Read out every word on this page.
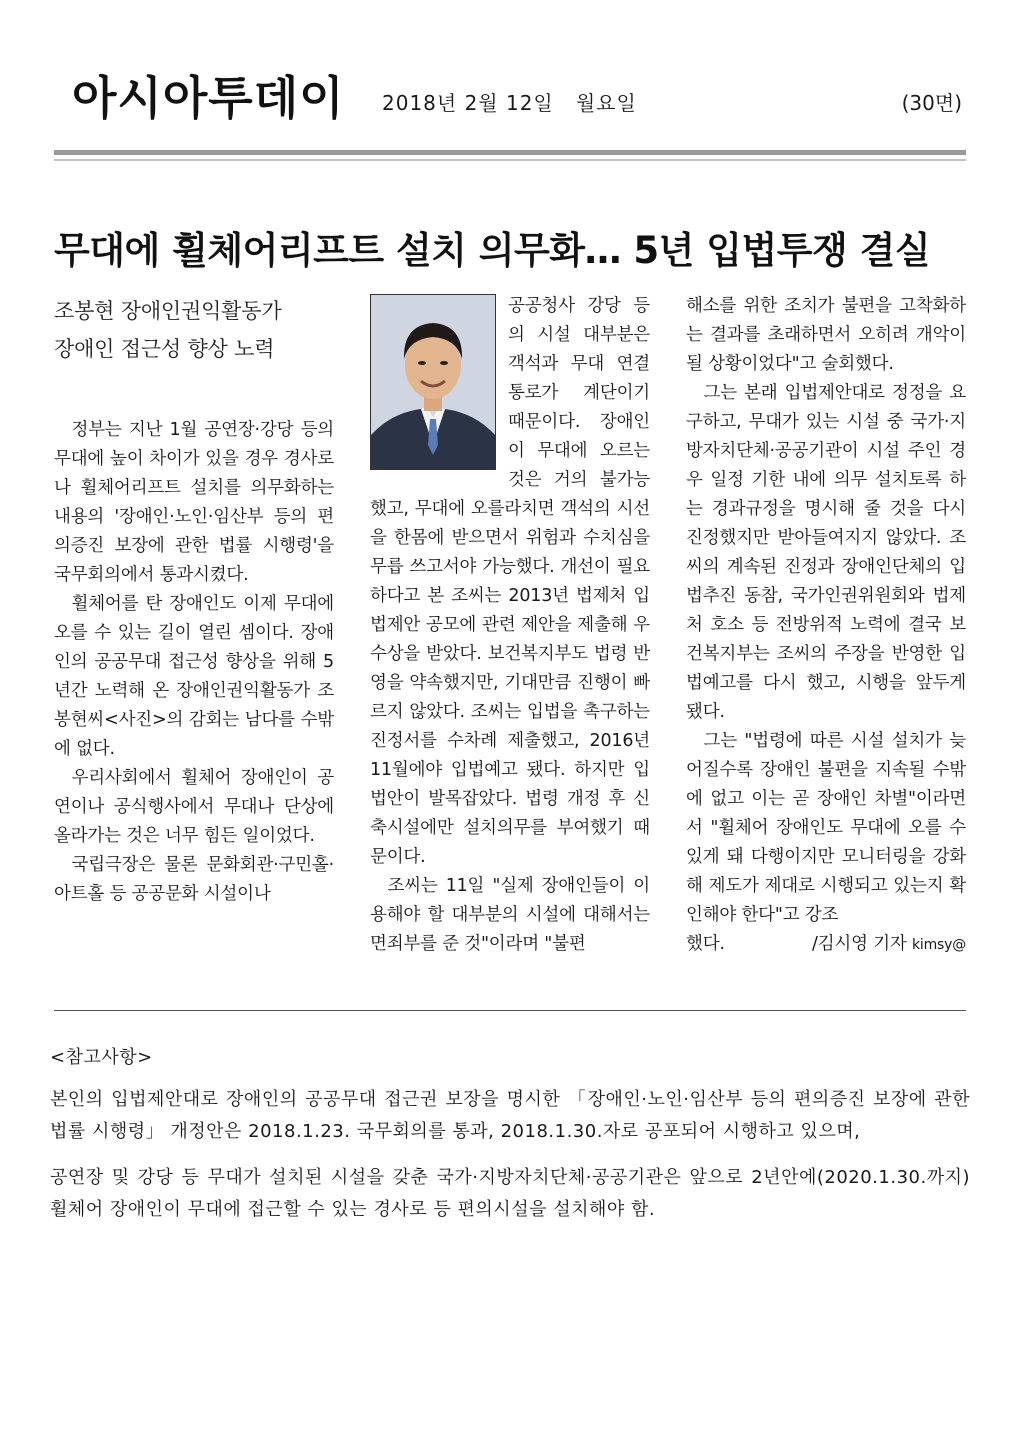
아시아투데이 2018년 2월 12일   월요일	(30면)
무대에 휠체어리프트 설치 의무화… 5년 입법투쟁 결실
조봉현 장애인권익활동가
장애인 접근성 향상 노력

정부는 지난 1월 공연장·강당 등의 무대에 높이 차이가 있을 경우 경사로나 휠체어리프트 설치를 의무화하는 내용의 '장애인·노인·임산부 등의 편의증진 보장에 관한 법률 시행령'을 국무회의에서 통과시켰다.

휠체어를 탄 장애인도 이제 무대에 오를 수 있는 길이 열린 셈이다. 장애인의 공공무대 접근성 향상을 위해 5년간 노력해 온 장애인권익활동가 조봉현씨<사진>의 감회는 남다를 수밖에 없다.

우리사회에서 휠체어 장애인이 공연이나 공식행사에서 무대나 단상에 올라가는 것은 너무 힘든 일이었다.

국립극장은 물론 문화회관·구민홀·아트홀 등 공공문화 시설이나

공공청사 강당 등의 시설 대부분은 객석과 무대 연결 통로가 계단이기 때문이다. 장애인이 무대에 오르는 것은 거의 불가능했고, 무대에 오를라치면 객석의 시선을 한몸에 받으면서 위험과 수치심을 무릅 쓰고서야 가능했다. 개선이 필요하다고 본 조씨는 2013년 법제처 입법제안 공모에 관련 제안을 제출해 우수상을 받았다. 보건복지부도 법령 반영을 약속했지만, 기대만큼 진행이 빠르지 않았다. 조씨는 입법을 촉구하는 진정서를 수차례 제출했고, 2016년 11월에야 입법예고 됐다. 하지만 입법안이 발목잡았다. 법령 개정 후 신축시설에만 설치의무를 부여했기 때문이다.

조씨는 11일 "실제 장애인들이 이용해야 할 대부분의 시설에 대해서는 면죄부를 준 것"이라며 "불편

해소를 위한 조치가 불편을 고착화하는 결과를 초래하면서 오히려 개악이 될 상황이었다"고 술회했다.

그는 본래 입법제안대로 정정을 요구하고, 무대가 있는 시설 중 국가·지방자치단체·공공기관이 시설 주인 경우 일정 기한 내에 의무 설치토록 하는 경과규정을 명시해 줄 것을 다시 진정했지만 받아들여지지 않았다. 조씨의 계속된 진정과 장애인단체의 입법추진 동참, 국가인권위원회와 법제처 호소 등 전방위적 노력에 결국 보건복지부는 조씨의 주장을 반영한 입법예고를 다시 했고, 시행을 앞두게 됐다.

그는 "법령에 따른 시설 설치가 늦어질수록 장애인 불편을 지속될 수밖에 없고 이는 곧 장애인 차별"이라면서 "휠체어 장애인도 무대에 오를 수 있게 돼 다행이지만 모니터링을 강화해 제도가 제대로 시행되고 있는지 확인해야 한다"고 강조

했다.	/김시영 기자 kimsy@
<참고사항>

본인의 입법제안대로 장애인의 공공무대 접근권 보장을 명시한 「장애인·노인·임산부 등의 편의증진 보장에 관한 법률 시행령」 개정안은 2018.1.23. 국무회의를 통과, 2018.1.30.자로 공포되어 시행하고 있으며,

공연장 및 강당 등 무대가 설치된 시설을 갖춘 국가·지방자치단체·공공기관은 앞으로 2년안에(2020.1.30.까지) 휠체어 장애인이 무대에 접근할 수 있는 경사로 등 편의시설을 설치해야 함.
